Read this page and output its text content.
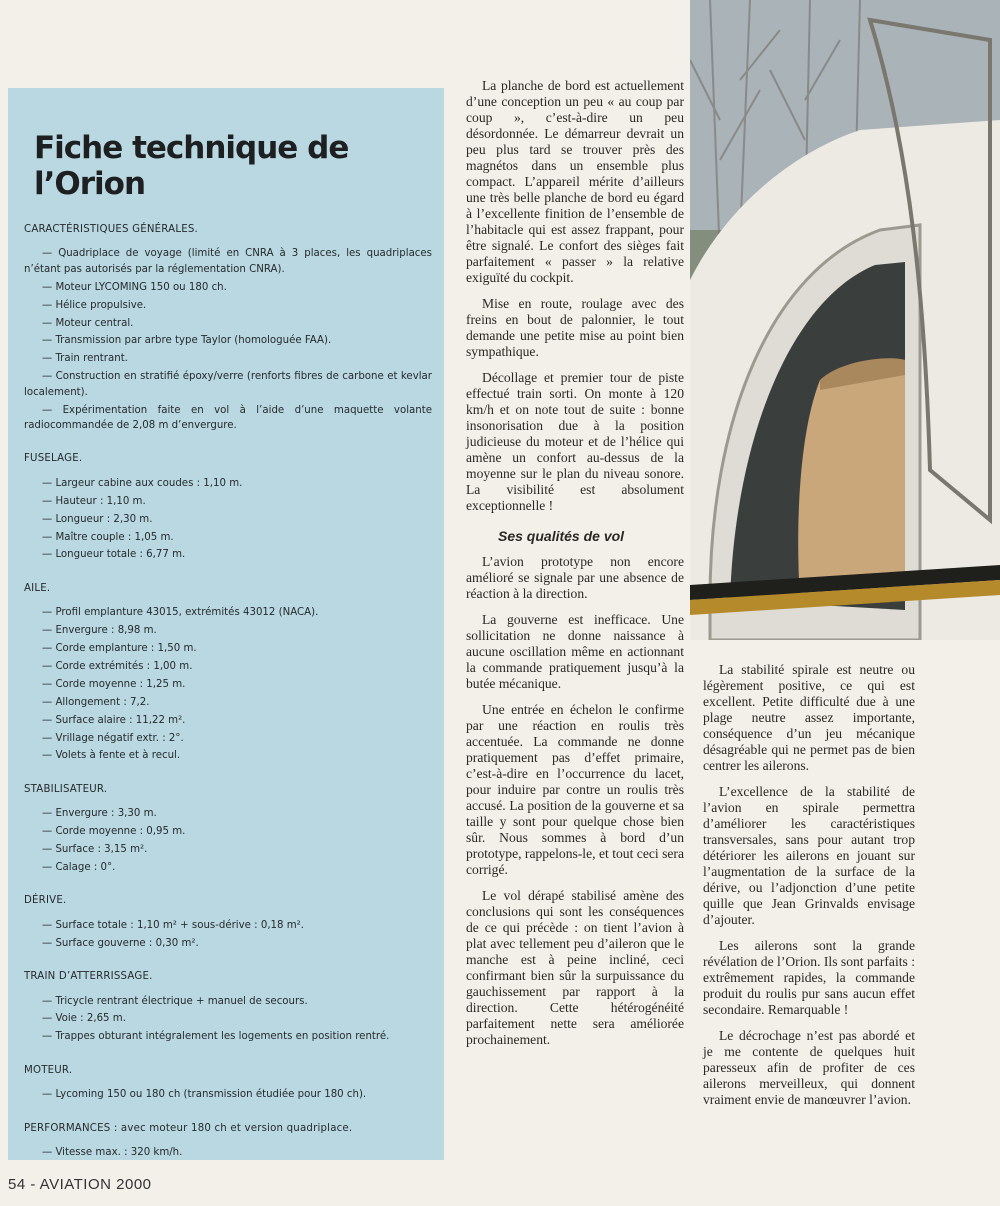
Fiche technique de l’Orion
CARACTÉRISTIQUES GÉNÉRALES.
— Quadriplace de voyage (limité en CNRA à 3 places, les quadriplaces n’étant pas autorisés par la réglementation CNRA).
— Moteur LYCOMING 150 ou 180 ch.
— Hélice propulsive.
— Moteur central.
— Transmission par arbre type Taylor (homologuée FAA).
— Train rentrant.
— Construction en stratifié époxy/verre (renforts fibres de carbone et kevlar localement).
— Expérimentation faite en vol à l’aide d’une maquette volante radiocommandée de 2,08 m d’envergure.
FUSELAGE.
— Largeur cabine aux coudes : 1,10 m.
— Hauteur : 1,10 m.
— Longueur : 2,30 m.
— Maître couple : 1,05 m.
— Longueur totale : 6,77 m.
AILE.
— Profil emplanture 43015, extrémités 43012 (NACA).
— Envergure : 8,98 m.
— Corde emplanture : 1,50 m.
— Corde extrémités : 1,00 m.
— Corde moyenne : 1,25 m.
— Allongement : 7,2.
— Surface alaire : 11,22 m².
— Vrillage négatif extr. : 2°.
— Volets à fente et à recul.
STABILISATEUR.
— Envergure : 3,30 m.
— Corde moyenne : 0,95 m.
— Surface : 3,15 m².
— Calage : 0°.
DÉRIVE.
— Surface totale : 1,10 m² + sous-dérive : 0,18 m².
— Surface gouverne : 0,30 m².
TRAIN D’ATTERRISSAGE.
— Tricycle rentrant électrique + manuel de secours.
— Voie : 2,65 m.
— Trappes obturant intégralement les logements en position rentré.
MOTEUR.
— Lycoming 150 ou 180 ch (transmission étudiée pour 180 ch).
PERFORMANCES : avec moteur 180 ch et version quadriplace.
— Vitesse max. : 320 km/h.

La planche de bord est actuellement d’une conception un peu « au coup par coup », c’est-à-dire un peu désordonnée. Le démarreur devrait un peu plus tard se trouver près des magnétos dans un ensemble plus compact. L’appareil mérite d’ailleurs une très belle planche de bord eu égard à l’excellente finition de l’ensemble de l’habitacle qui est assez frappant, pour être signalé. Le confort des sièges fait parfaitement « passer » la relative exiguïté du cockpit.

Mise en route, roulage avec des freins en bout de palonnier, le tout demande une petite mise au point bien sympathique.

Décollage et premier tour de piste effectué train sorti. On monte à 120 km/h et on note tout de suite : bonne insonorisation due à la position judicieuse du moteur et de l’hélice qui amène un confort au-dessus de la moyenne sur le plan du niveau sonore. La visibilité est absolument exceptionnelle !

Ses qualités de vol

L’avion prototype non encore amélioré se signale par une absence de réaction à la direction.

La gouverne est inefficace. Une sollicitation ne donne naissance à aucune oscillation même en actionnant la commande pratiquement jusqu’à la butée mécanique.

Une entrée en échelon le confirme par une réaction en roulis très accentuée. La commande ne donne pratiquement pas d’effet primaire, c’est-à-dire en l’occurrence du lacet, pour induire par contre un roulis très accusé. La position de la gouverne et sa taille y sont pour quelque chose bien sûr. Nous sommes à bord d’un prototype, rappelons-le, et tout ceci sera corrigé.

Le vol dérapé stabilisé amène des conclusions qui sont les conséquences de ce qui précède : on tient l’avion à plat avec tellement peu d’aileron que le manche est à peine incliné, ceci confirmant bien sûr la surpuissance du gauchissement par rapport à la direction. Cette hétérogénéité parfaitement nette sera améliorée prochainement.

La stabilité spirale est neutre ou légèrement positive, ce qui est excellent. Petite difficulté due à une plage neutre assez importante, conséquence d’un jeu mécanique désagréable qui ne permet pas de bien centrer les ailerons.

L’excellence de la stabilité de l’avion en spirale permettra d’améliorer les caractéristiques transversales, sans pour autant trop détériorer les ailerons en jouant sur l’augmentation de la surface de la dérive, ou l’adjonction d’une petite quille que Jean Grinvalds envisage d’ajouter.

Les ailerons sont la grande révélation de l’Orion. Ils sont parfaits : extrêmement rapides, la commande produit du roulis pur sans aucun effet secondaire. Remarquable !

Le décrochage n’est pas abordé et je me contente de quelques huit paresseux afin de profiter de ces ailerons merveilleux, qui donnent vraiment envie de manœuvrer l’avion.

54 - AVIATION 2000
